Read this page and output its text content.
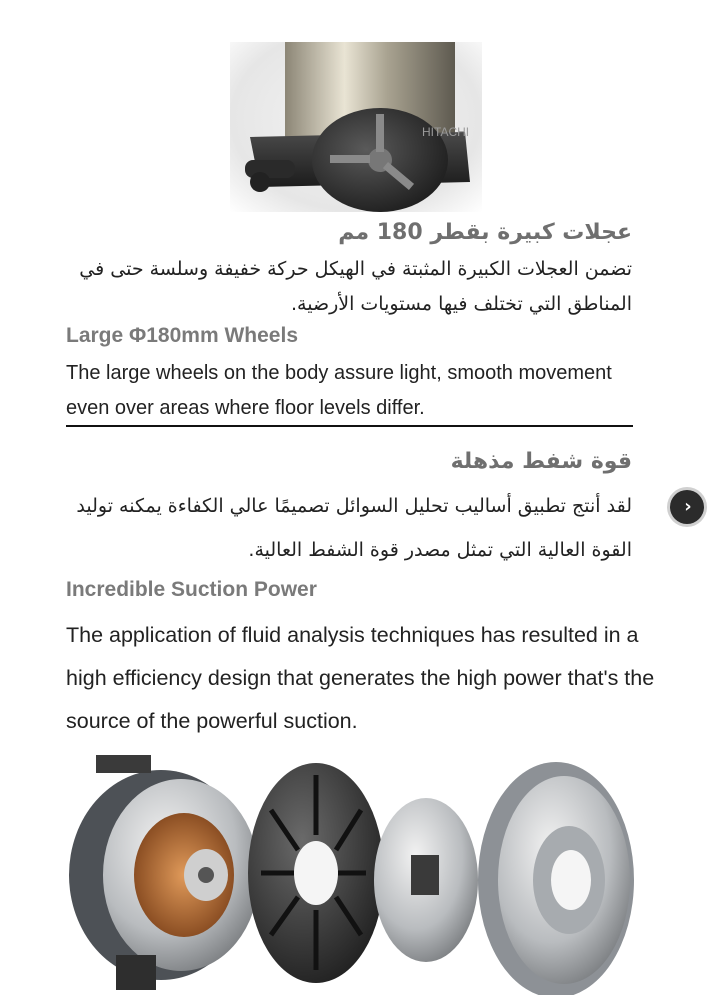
HITACHI
عجلات كبيرة بقطر 180 مم
تضمن العجلات الكبيرة المثبتة في الهيكل حركة خفيفة وسلسة حتى في المناطق التي تختلف فيها مستويات الأرضية.
Large Φ180mm Wheels
The large wheels on the body assure light, smooth movement even over areas where floor levels differ.
قوة شفط مذهلة
لقد أنتج تطبيق أساليب تحليل السوائل تصميمًا عالي الكفاءة يمكنه توليد القوة العالية التي تمثل مصدر قوة الشفط العالية.
Incredible Suction Power
The application of fluid analysis techniques has resulted in a high efficiency design that generates the high power that's the source of the powerful suction.
›
